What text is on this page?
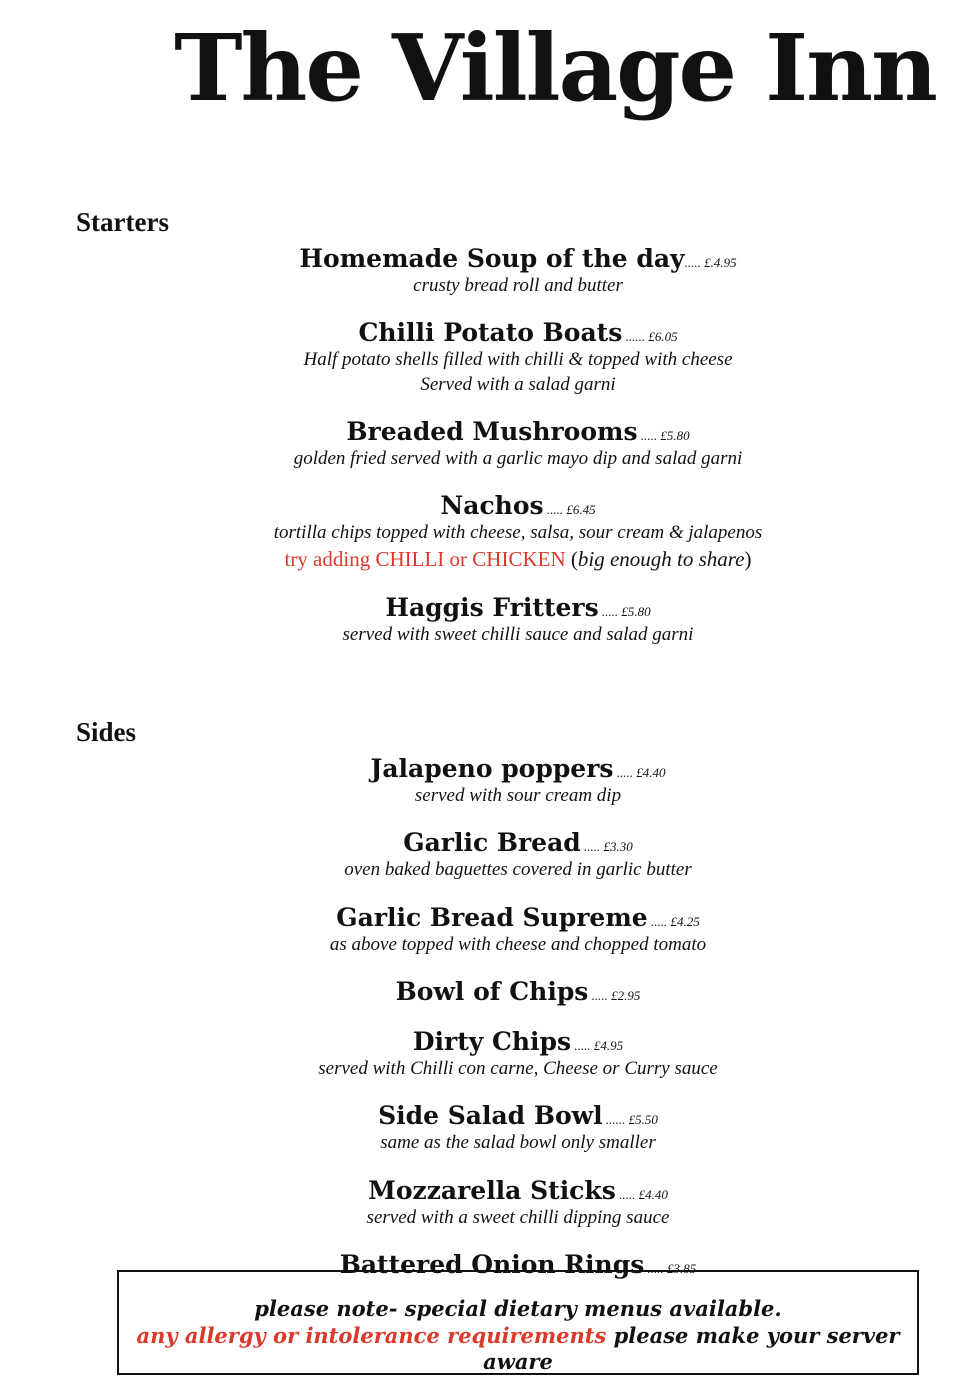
The Village Inn
Starters
Homemade Soup of the day..... £.4.95
crusty bread roll and butter
Chilli Potato Boats ...... £6.05
Half potato shells filled with chilli & topped with cheese
Served with a salad garni
Breaded Mushrooms ..... £5.80
golden fried served with a garlic mayo dip and salad garni
Nachos ..... £6.45
tortilla chips topped with cheese, salsa, sour cream & jalapenos
try adding CHILLI or CHICKEN (big enough to share)
Haggis Fritters ..... £5.80
served with sweet chilli sauce and salad garni
Sides
Jalapeno poppers ..... £4.40
served with sour cream dip
Garlic Bread ..... £3.30
oven baked baguettes covered in garlic butter
Garlic Bread Supreme ..... £4.25
as above topped with cheese and chopped tomato
Bowl of Chips ..... £2.95
Dirty Chips ..... £4.95
served with Chilli con carne, Cheese or Curry sauce
Side Salad Bowl ...... £5.50
same as the salad bowl only smaller
Mozzarella Sticks ..... £4.40
served with a sweet chilli dipping sauce
Battered Onion Rings ..... £3.85
please note- special dietary menus available.
any allergy or intolerance requirements please make your server aware
